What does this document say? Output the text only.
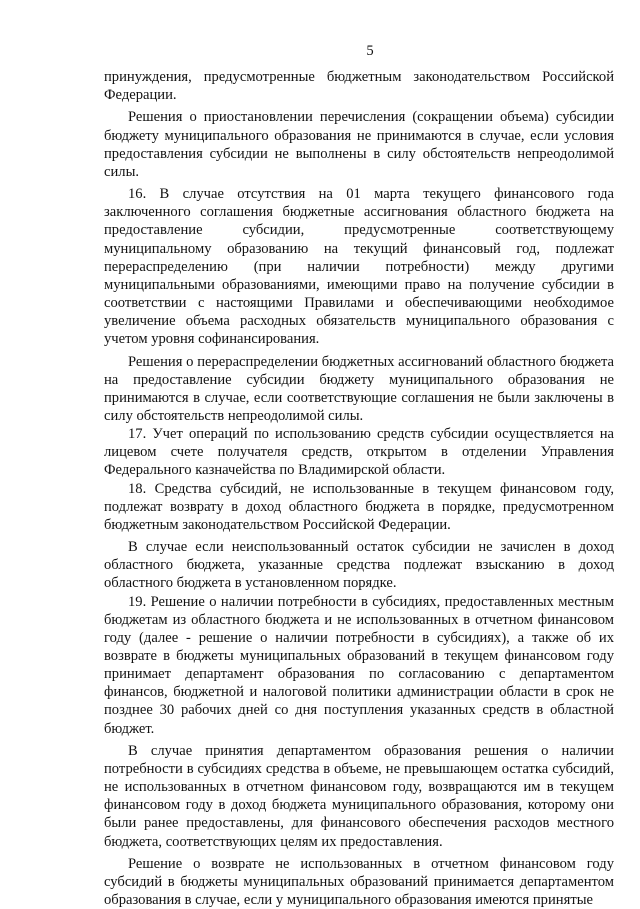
5

принуждения, предусмотренные бюджетным законодательством Российской Федерации.

Решения о приостановлении перечисления (сокращении объема) субсидии бюджету муниципального образования не принимаются в случае, если условия предоставления субсидии не выполнены в силу обстоятельств непреодолимой силы.

16. В случае отсутствия на 01 марта текущего финансового года заключенного соглашения бюджетные ассигнования областного бюджета на предоставление субсидии, предусмотренные соответствующему муниципальному образованию на текущий финансовый год, подлежат перераспределению (при наличии потребности) между другими муниципальными образованиями, имеющими право на получение субсидии в соответствии с настоящими Правилами и обеспечивающими необходимое увеличение объема расходных обязательств муниципального образования с учетом уровня софинансирования.

Решения о перераспределении бюджетных ассигнований областного бюджета на предоставление субсидии бюджету муниципального образования не принимаются в случае, если соответствующие соглашения не были заключены в силу обстоятельств непреодолимой силы.

17. Учет операций по использованию средств субсидии осуществляется на лицевом счете получателя средств, открытом в отделении Управления Федерального казначейства по Владимирской области.

18. Средства субсидий, не использованные в текущем финансовом году, подлежат возврату в доход областного бюджета в порядке, предусмотренном бюджетным законодательством Российской Федерации.

В случае если неиспользованный остаток субсидии не зачислен в доход областного бюджета, указанные средства подлежат взысканию в доход областного бюджета в установленном порядке.

19. Решение о наличии потребности в субсидиях, предоставленных местным бюджетам из областного бюджета и не использованных в отчетном финансовом году (далее - решение о наличии потребности в субсидиях), а также об их возврате в бюджеты муниципальных образований в текущем финансовом году принимает департамент образования по согласованию с департаментом финансов, бюджетной и налоговой политики администрации области в срок не позднее 30 рабочих дней со дня поступления указанных средств в областной бюджет.

В случае принятия департаментом образования решения о наличии потребности в субсидиях средства в объеме, не превышающем остатка субсидий, не использованных в отчетном финансовом году, возвращаются им в текущем финансовом году в доход бюджета муниципального образования, которому они были ранее предоставлены, для финансового обеспечения расходов местного бюджета, соответствующих целям их предоставления.

Решение о возврате не использованных в отчетном финансовом году субсидий в бюджеты муниципальных образований принимается департаментом образования в случае, если у муниципального образования имеются принятые
